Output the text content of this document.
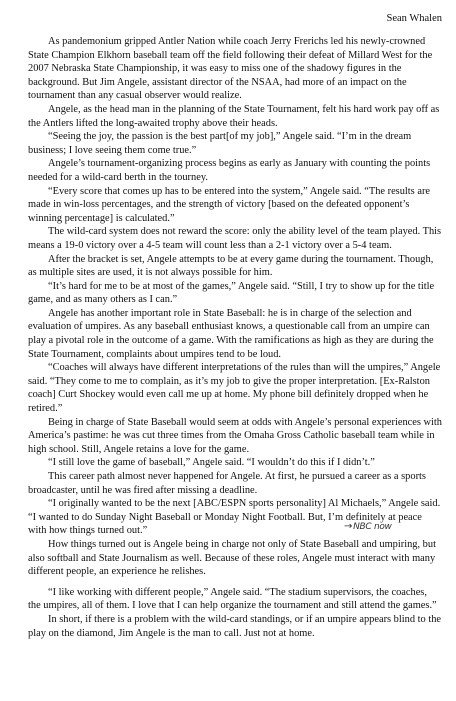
Sean Whalen

As pandemonium gripped Antler Nation while coach Jerry Frerichs led his newly-crowned State Champion Elkhorn baseball team off the field following their defeat of Millard West for the 2007 Nebraska State Championship, it was easy to miss one of the shadowy figures in the background. But Jim Angele, assistant director of the NSAA, had more of an impact on the tournament than any casual observer would realize.

Angele, as the head man in the planning of the State Tournament, felt his hard work pay off as the Antlers lifted the long-awaited trophy above their heads.

“Seeing the joy, the passion is the best part[of my job],” Angele said. “I’m in the dream business; I love seeing them come true.”

Angele’s tournament-organizing process begins as early as January with counting the points needed for a wild-card berth in the tourney.

“Every score that comes up has to be entered into the system,” Angele said. “The results are made in win-loss percentages, and the strength of victory [based on the defeated opponent’s winning percentage] is calculated.”

The wild-card system does not reward the score: only the ability level of the team played. This means a 19-0 victory over a 4-5 team will count less than a 2-1 victory over a 5-4 team.

After the bracket is set, Angele attempts to be at every game during the tournament. Though, as multiple sites are used, it is not always possible for him.

“It’s hard for me to be at most of the games,” Angele said. “Still, I try to show up for the title game, and as many others as I can.”

Angele has another important role in State Baseball: he is in charge of the selection and evaluation of umpires. As any baseball enthusiast knows, a questionable call from an umpire can play a pivotal role in the outcome of a game. With the ramifications as high as they are during the State Tournament, complaints about umpires tend to be loud.

“Coaches will always have different interpretations of the rules than will the umpires,” Angele said. “They come to me to complain, as it’s my job to give the proper interpretation. [Ex-Ralston coach] Curt Shockey would even call me up at home. My phone bill definitely dropped when he retired.”

Being in charge of State Baseball would seem at odds with Angele’s personal experiences with America’s pastime: he was cut three times from the Omaha Gross Catholic baseball team while in high school. Still, Angele retains a love for the game.

“I still love the game of baseball,” Angele said. “I wouldn’t do this if I didn’t.”

This career path almost never happened for Angele. At first, he pursued a career as a sports broadcaster, until he was fired after missing a deadline.

“I originally wanted to be the next [ABC/ESPN sports personality] Al Michaels,” Angele said. “I wanted to do Sunday Night Baseball or Monday Night Football. But, I’m definitely at peace with how things turned out.”

How things turned out is Angele being in charge not only of State Baseball and umpiring, but also softball and State Journalism as well. Because of these roles, Angele must interact with many different people, an experience he relishes.

“I like working with different people,” Angele said. “The stadium supervisors, the coaches, the umpires, all of them. I love that I can help organize the tournament and still attend the games.”

In short, if there is a problem with the wild-card standings, or if an umpire appears blind to the play on the diamond, Jim Angele is the man to call. Just not at home.

→NBC now
